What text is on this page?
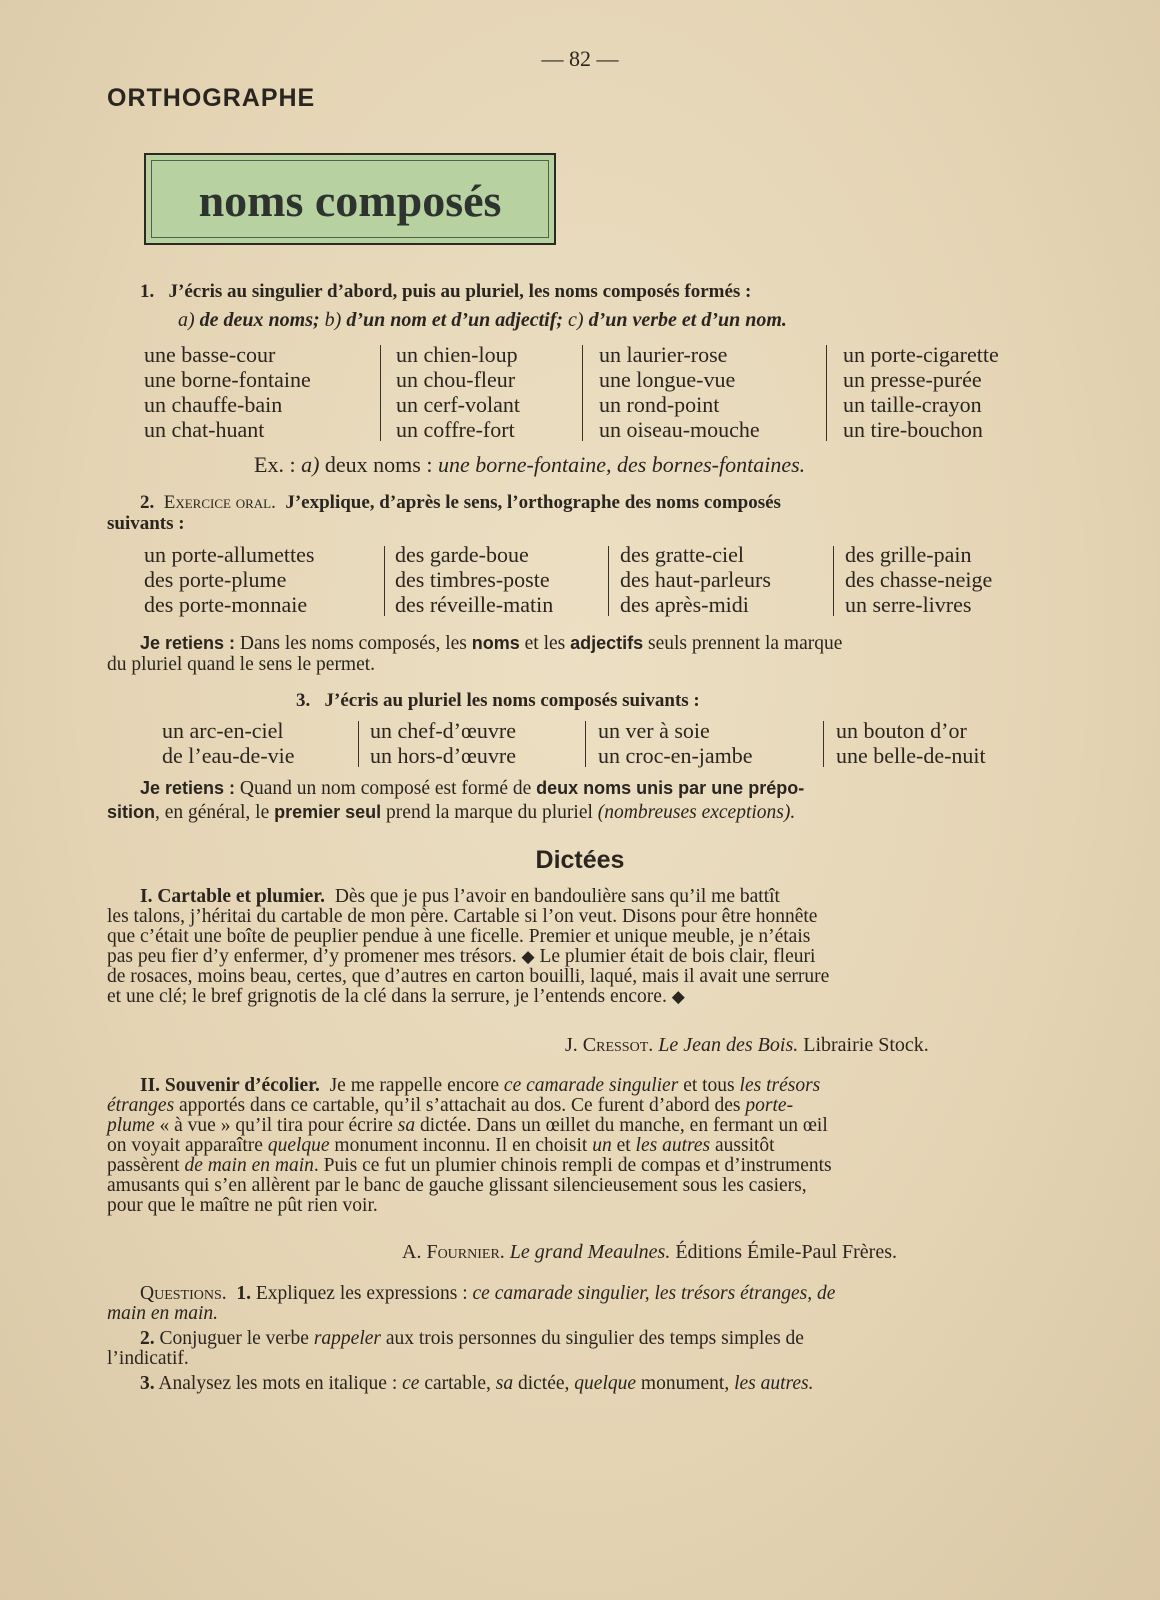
— 82 —
ORTHOGRAPHE
noms composés
1. J’écris au singulier d’abord, puis au pluriel, les noms composés formés :
a) de deux noms; b) d’un nom et d’un adjectif; c) d’un verbe et d’un nom.
une basse-cour
une borne-fontaine
un chauffe-bain
un chat-huant
un chien-loup
un chou-fleur
un cerf-volant
un coffre-fort
un laurier-rose
une longue-vue
un rond-point
un oiseau-mouche
un porte-cigarette
un presse-purée
un taille-crayon
un tire-bouchon
Ex. : a) deux noms : une borne-fontaine, des bornes-fontaines.
2. Exercice oral. J’explique, d’après le sens, l’orthographe des noms composés
suivants :
un porte-allumettes
des porte-plume
des porte-monnaie
des garde-boue
des timbres-poste
des réveille-matin
des gratte-ciel
des haut-parleurs
des après-midi
des grille-pain
des chasse-neige
un serre-livres
Je retiens : Dans les noms composés, les noms et les adjectifs seuls prennent la marque
du pluriel quand le sens le permet.
3. J’écris au pluriel les noms composés suivants :
un arc-en-ciel
de l’eau-de-vie
un chef-d’œuvre
un hors-d’œuvre
un ver à soie
un croc-en-jambe
un bouton d’or
une belle-de-nuit
Je retiens : Quand un nom composé est formé de deux noms unis par une prépo-
sition, en général, le premier seul prend la marque du pluriel (nombreuses exceptions).
Dictées
I. Cartable et plumier. Dès que je pus l’avoir en bandoulière sans qu’il me battît
les talons, j’héritai du cartable de mon père. Cartable si l’on veut. Disons pour être honnête
que c’était une boîte de peuplier pendue à une ficelle. Premier et unique meuble, je n’étais
pas peu fier d’y enfermer, d’y promener mes trésors. ◆ Le plumier était de bois clair, fleuri
de rosaces, moins beau, certes, que d’autres en carton bouilli, laqué, mais il avait une serrure
et une clé; le bref grignotis de la clé dans la serrure, je l’entends encore. ◆
J. Cressot. Le Jean des Bois. Librairie Stock.
II. Souvenir d’écolier. Je me rappelle encore ce camarade singulier et tous les trésors
étranges apportés dans ce cartable, qu’il s’attachait au dos. Ce furent d’abord des porte-
plume « à vue » qu’il tira pour écrire sa dictée. Dans un œillet du manche, en fermant un œil
on voyait apparaître quelque monument inconnu. Il en choisit un et les autres aussitôt
passèrent de main en main. Puis ce fut un plumier chinois rempli de compas et d’instruments
amusants qui s’en allèrent par le banc de gauche glissant silencieusement sous les casiers,
pour que le maître ne pût rien voir.
A. Fournier. Le grand Meaulnes. Éditions Émile-Paul Frères.
Questions. 1. Expliquez les expressions : ce camarade singulier, les trésors étranges, de
main en main.
2. Conjuguer le verbe rappeler aux trois personnes du singulier des temps simples de
l’indicatif.
3. Analysez les mots en italique : ce cartable, sa dictée, quelque monument, les autres.
